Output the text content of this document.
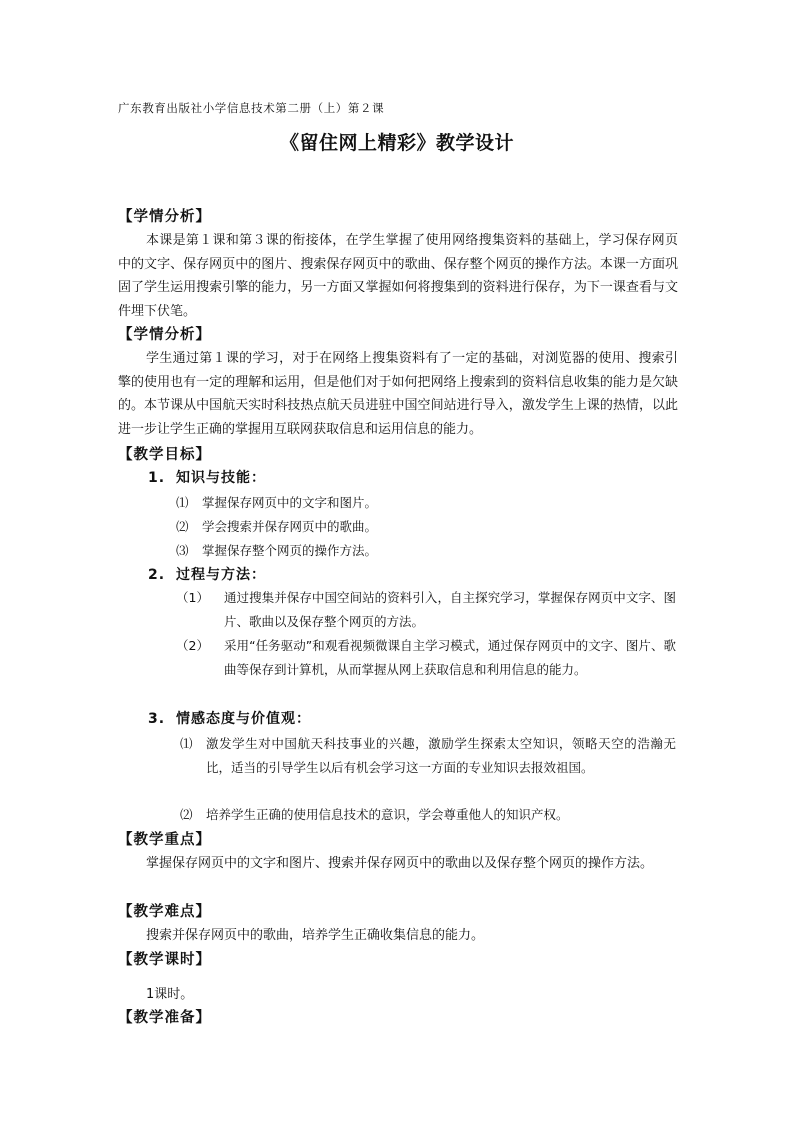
广东教育出版社小学信息技术第二册（上）第２课
《留住网上精彩》教学设计
【学情分析】

本课是第１课和第３课的衔接体，在学生掌握了使用网络搜集资料的基础上，学习保存网页中的文字、保存网页中的图片、搜索保存网页中的歌曲、保存整个网页的操作方法。本课一方面巩固了学生运用搜索引擎的能力，另一方面又掌握如何将搜集到的资料进行保存，为下一课查看与文件埋下伏笔。

【学情分析】

学生通过第１课的学习，对于在网络上搜集资料有了一定的基础，对浏览器的使用、搜索引擎的使用也有一定的理解和运用，但是他们对于如何把网络上搜索到的资料信息收集的能力是欠缺的。本节课从中国航天实时科技热点航天员进驻中国空间站进行导入，激发学生上课的热情，以此进一步让学生正确的掌握用互联网获取信息和运用信息的能力。

【教学目标】
1. 知识与技能：
⑴ 掌握保存网页中的文字和图片。
⑵ 学会搜索并保存网页中的歌曲。
⑶ 掌握保存整个网页的操作方法。
2. 过程与方法：
（1） 通过搜集并保存中国空间站的资料引入，自主探究学习，掌握保存网页中文字、图片、歌曲以及保存整个网页的方法。
（2） 采用“任务驱动”和观看视频微课自主学习模式，通过保存网页中的文字、图片、歌曲等保存到计算机，从而掌握从网上获取信息和利用信息的能力。
3. 情感态度与价值观：
⑴ 激发学生对中国航天科技事业的兴趣，激励学生探索太空知识，领略天空的浩瀚无比，适当的引导学生以后有机会学习这一方面的专业知识去报效祖国。
⑵ 培养学生正确的使用信息技术的意识，学会尊重他人的知识产权。
【教学重点】

掌握保存网页中的文字和图片、搜索并保存网页中的歌曲以及保存整个网页的操作方法。

【教学难点】

搜索并保存网页中的歌曲，培养学生正确收集信息的能力。

【教学课时】

1课时。

【教学准备】
